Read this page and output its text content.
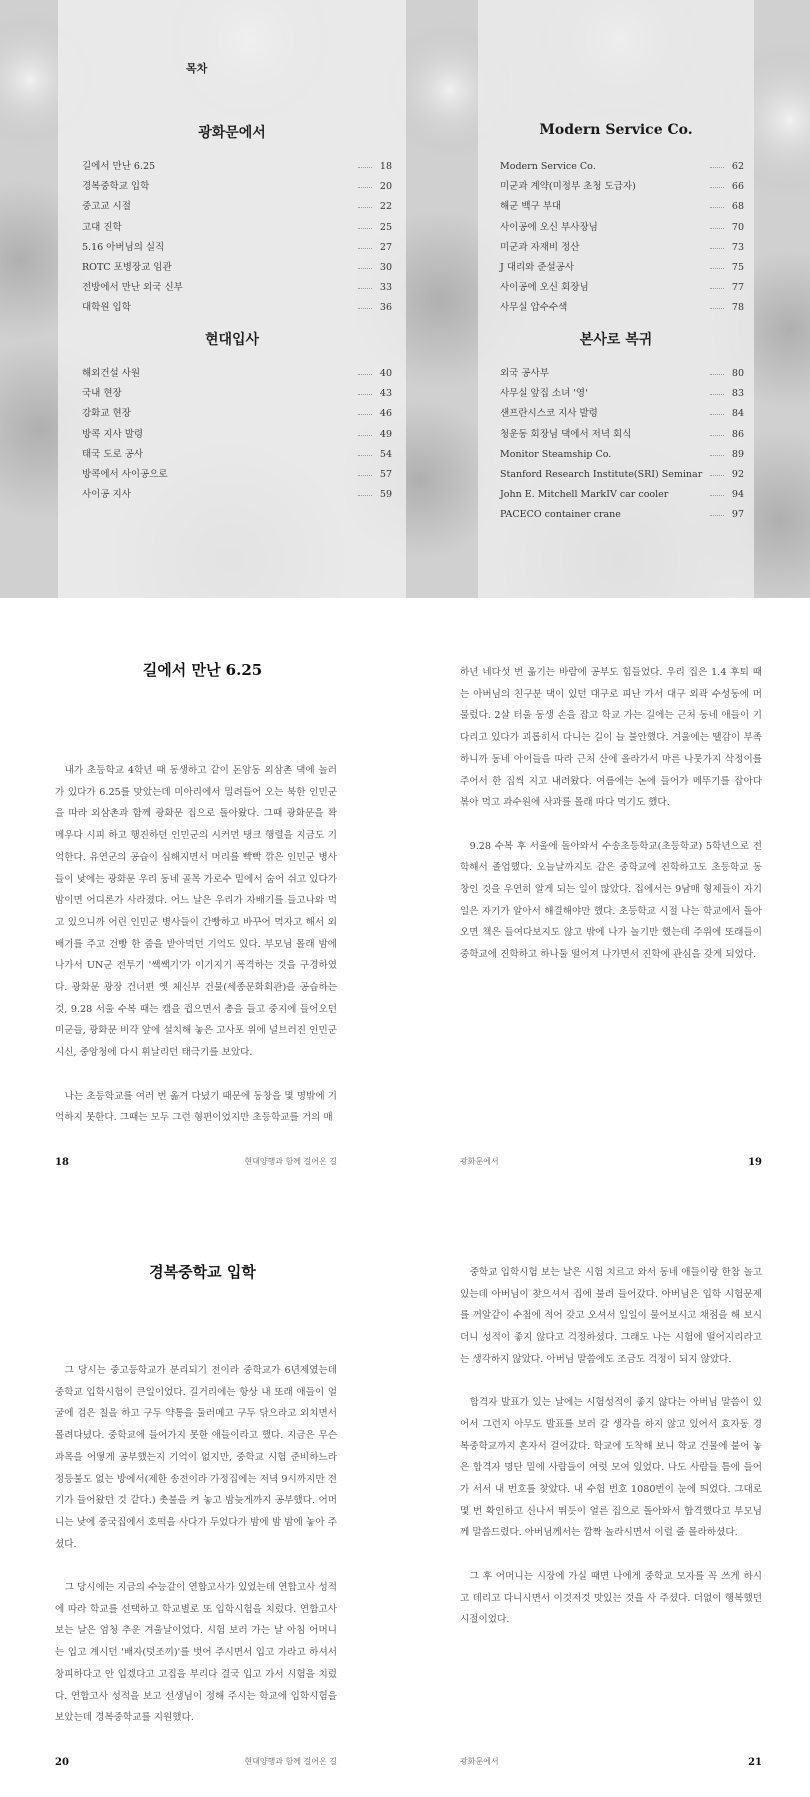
목차
광화문에서
길에서 만난 6.25	18
경복중학교 입학	20
중고교 시절	22
고대 진학	25
5.16 아버님의 실직	27
ROTC 포병장교 임관	30
전방에서 만난 외국 신부	33
대학원 입학	36
현대입사
해외건설 사원	40
국내 현장	43
강화교 현장	46
방콕 지사 발령	49
태국 도로 공사	54
방콕에서 사이공으로	57
사이공 지사	59
Modern Service Co.
Modern Service Co.	62
미군과 계약(미정부 초청 도급자)	66
해군 백구 부대	68
사이공에 오신 부사장님	70
미군과 자재비 정산	73
J 대리와 준설공사	75
사이공에 오신 회장님	77
사무실 압수수색	78
본사로 복귀
외국 공사부	80
사무실 앞집 소녀 '영'	83
샌프란시스코 지사 발령	84
청운동 회장님 댁에서 저녁 회식	86
Monitor Steamship Co.	89
Stanford Research Institute(SRI) Seminar	92
John E. Mitchell MarkIV car cooler	94
PACECO container crane	97
길에서 만난 6.25

내가 초등학교 4학년 때 동생하고 같이 돈암동 외삼촌 댁에 놀러 가 있다가 6.25를 맞았는데 미아리에서 밀려들어 오는 북한 인민군을 따라 외삼촌과 함께 광화문 집으로 돌아왔다. 그때 광화문을 꽉 메우다 시피 하고 행진하던 인민군의 시커먼 탱크 행렬을 지금도 기억한다. 유연군의 공습이 심해지면서 머리를 빡빡 깎은 인민군 병사들이 낮에는 광화문 우리 동네 골목 가로수 밑에서 숨어 쉬고 있다가 밤이면 어디론가 사라졌다. 어느 날은 우리가 자배기를 들고나와 먹고 있으니까 어린 인민군 병사들이 간빵하고 바꾸어 먹자고 해서 외배기를 주고 건빵 한 줌을 받아먹던 기억도 있다. 부모님 몰래 밤에 나가서 UN군 전투기 '쌕쌕기'가 이기지기 폭격하는 것을 구경하였다. 광화문 광장 건너편 옛 체신부 건물(세종문화회관)을 공습하는 것, 9.28 서울 수복 때는 캠을 쥡으면서 총을 들고 중지에 들어오던 미군들, 광화문 비각 앞에 설치해 놓은 고사포 위에 널브러진 인민군 시신, 중앙청에 다시 휘날리던 태극기를 보았다.

나는 초등학교를 여러 번 옮겨 다녔기 때문에 동창을 몇 명밖에 기억하지 못한다. 그때는 모두 그런 형편이었지만 초등학교를 거의 매

18	현대양행과 함께 걸어온 길

하년 네다섯 번 옮기는 바람에 공부도 힘들었다. 우리 집은 1.4 후퇴 때는 아버님의 친구분 댁이 있던 대구로 피난 가서 대구 외곽 수성동에 머물렀다. 2살 터울 동생 손을 잡고 학교 가는 길에는 근처 동네 애들이 기다리고 있다가 괴롭히서 다니는 길이 늘 불안했다. 겨울에는 땔감이 부족하니까 동네 아이들을 따라 근처 산에 올라가서 마른 나뭇가지 삭정이를 주어서 한 집씩 지고 내려왔다. 여름에는 논에 들어가 메뚜기를 잡아다 볶아 먹고 과수원에 사과를 몰래 따다 먹기도 했다.

9.28 수복 후 서울에 돌아와서 수송초등학교(초등학교) 5학년으로 전학해서 졸업했다. 오늘날까지도 같은 중학교에 진학하고도 초등학교 동창인 것을 우연히 알게 되는 일이 많았다. 집에서는 9남매 형제들이 자기 일은 자기가 알아서 해결해야만 했다. 초등학교 시절 나는 학교에서 돌아오면 책은 들여다보지도 않고 밖에 나가 놀기만 했는데 주위에 또래들이 중학교에 진학하고 하나둘 떨어져 나가면서 진학에 관심을 갖게 되었다.

광화문에서	19
경복중학교 입학

그 당시는 중고등학교가 분리되기 전이라 중학교가 6년제였는데 중학교 입학시험이 큰일이었다. 길거리에는 항상 내 또래 애들이 얼굴에 검은 칠을 하고 구두 약통을 둘러메고 구두 닦으라고 외치면서 몰려다녔다. 중학교에 들어가지 못한 애들이라고 했다. 지금은 무슨 과목을 어떻게 공부했는지 기억이 없지만, 중학교 시험 준비하느라 정등불도 없는 방에서(제한 송전이라 가정집에는 저녁 9시까지만 전기가 들어왔던 것 같다.) 촛불을 켜 놓고 밤늦게까지 공부했다. 어머니는 낮에 중국집에서 호떡을 사다가 두었다가 밤에 밤 밤에 놓아 주셨다.

그 당시에는 지금의 수능같이 연합고사가 있었는데 연합고사 성적에 따라 학교를 선택하고 학교별로 또 입학시험을 치렀다. 연합고사 보는 날은 엄청 추운 겨울날이었다. 시험 보러 가는 날 아침 어머니는 입고 계시던 '배자(덧조끼)'를 벗어 주시면서 입고 가라고 하셔서 창피하다고 안 입겠다고 고집을 부리다 결국 입고 가서 시험을 치렀다. 연합고사 성적을 보고 선생님이 정해 주시는 학교에 입학시험을 보았는데 경복중학교를 지원했다.

20	현대양행과 함께 걸어온 길

중학교 입학시험 보는 날은 시험 치르고 와서 동네 애들이랑 한참 놀고 있는데 아버님이 찾으셔서 집에 불려 들어갔다. 아버님은 입학 시험문제를 꺼알같이 수첩에 적어 갖고 오셔서 일일이 물어보시고 채점을 해 보시더니 성적이 좋지 않다고 걱정하셨다. 그래도 나는 시험에 떨어지리라고는 생각하지 않았다. 아버님 말씀에도 조금도 걱정이 되지 않았다.

합격자 발표가 있는 날에는 시험성적이 좋지 않다는 아버님 말씀이 있어서 그런지 아무도 발표를 보러 갈 생각을 하지 않고 있어서 효자동 경복중학교까지 혼자서 걸어갔다. 학교에 도착해 보니 학교 건물에 붙어 놓은 합격자 명단 밑에 사람들이 여럿 모여 있었다. 나도 사람들 틈에 들어가 서서 내 번호를 찾았다. 내 수험 번호 1080번이 눈에 띄었다. 그대로 몇 번 확인하고 신나서 뛰듯이 얼른 집으로 돌아와서 합격했다고 부모님께 말씀드렸다. 아버님께서는 깜짝 놀라시면서 이럴 줄 몰라하셨다.

그 후 어머니는 시장에 가실 때면 나에게 중학교 모자를 꼭 쓰게 하시고 데리고 다니시면서 이것저것 맛있는 것을 사 주셨다. 더없이 행복했던 시절이었다.

광화문에서	21
